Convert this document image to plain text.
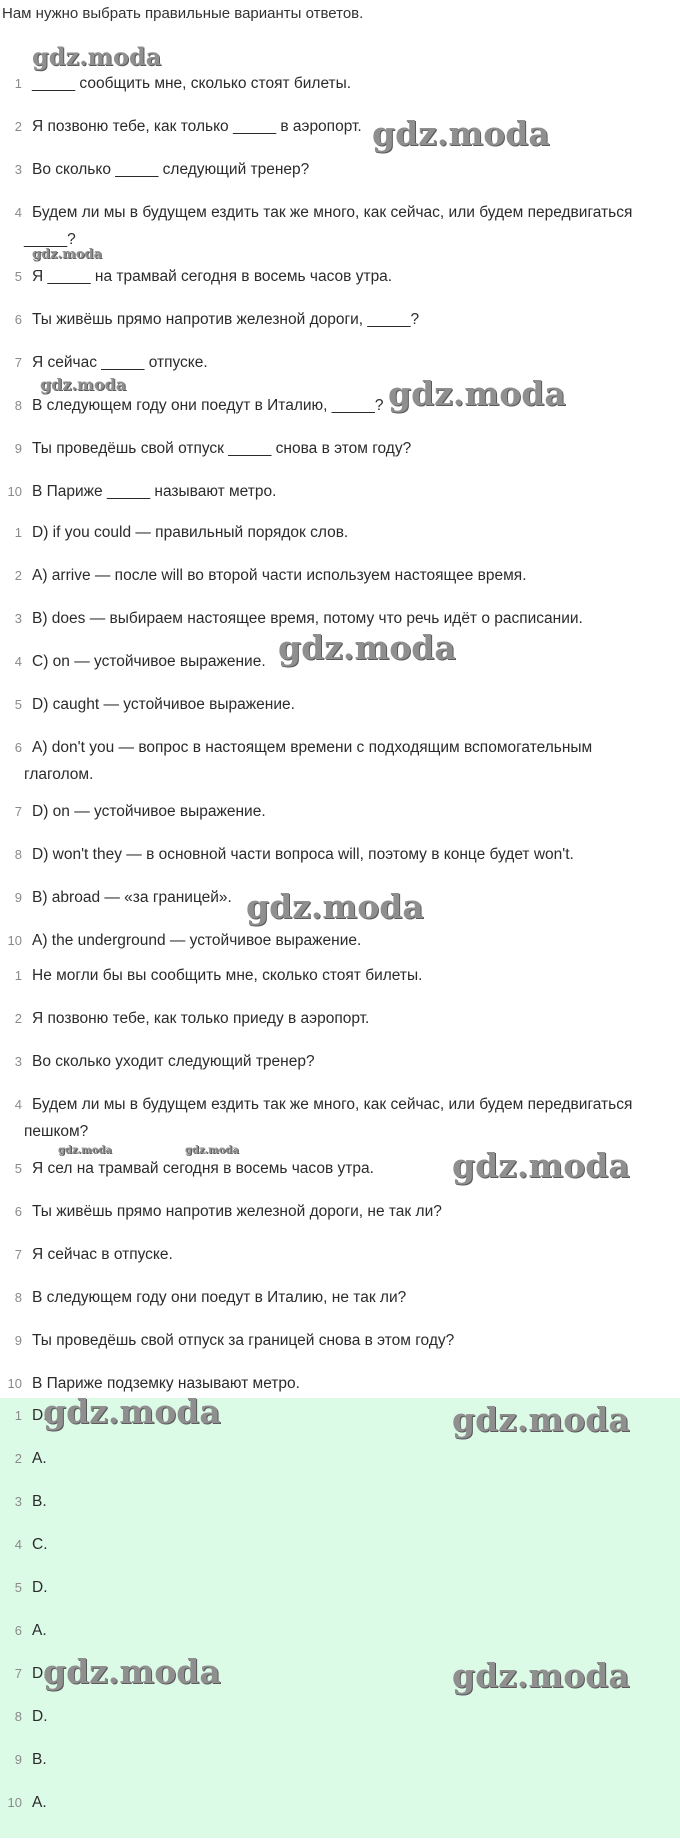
Нам нужно выбрать правильные варианты ответов.
1 _____ сообщить мне, сколько стоят билеты.
2 Я позвоню тебе, как только _____ в аэропорт.
3 Во сколько _____ следующий тренер?
4 Будем ли мы в будущем ездить так же много, как сейчас, или будем передвигаться
_____?
5 Я _____ на трамвай сегодня в восемь часов утра.
6 Ты живёшь прямо напротив железной дороги, _____?
7 Я сейчас _____ отпуске.
8 В следующем году они поедут в Италию, _____?
9 Ты проведёшь свой отпуск _____ снова в этом году?
10 В Париже _____ называют метро.
1 D) if you could — правильный порядок слов.
2 A) arrive — после will во второй части используем настоящее время.
3 B) does — выбираем настоящее время, потому что речь идёт о расписании.
4 C) on — устойчивое выражение.
5 D) caught — устойчивое выражение.
6 A) don't you — вопрос в настоящем времени с подходящим вспомогательным
глаголом.
7 D) on — устойчивое выражение.
8 D) won't they — в основной части вопроса will, поэтому в конце будет won't.
9 B) abroad — «за границей».
10 A) the underground — устойчивое выражение.
1 Не могли бы вы сообщить мне, сколько стоят билеты.
2 Я позвоню тебе, как только приеду в аэропорт.
3 Во сколько уходит следующий тренер?
4 Будем ли мы в будущем ездить так же много, как сейчас, или будем передвигаться
пешком?
5 Я сел на трамвай сегодня в восемь часов утра.
6 Ты живёшь прямо напротив железной дороги, не так ли?
7 Я сейчас в отпуске.
8 В следующем году они поедут в Италию, не так ли?
9 Ты проведёшь свой отпуск за границей снова в этом году?
10 В Париже подземку называют метро.
1 D.
2 A.
3 B.
4 C.
5 D.
6 A.
7 D.
8 D.
9 B.
10 A.
gdz.moda
gdz.moda
gdz.moda
gdz.moda	gdz.moda
gdz.moda
gdz.moda
gdz.moda	gdz.moda	gdz.moda
gdz.moda	gdz.moda
gdz.moda	gdz.moda
